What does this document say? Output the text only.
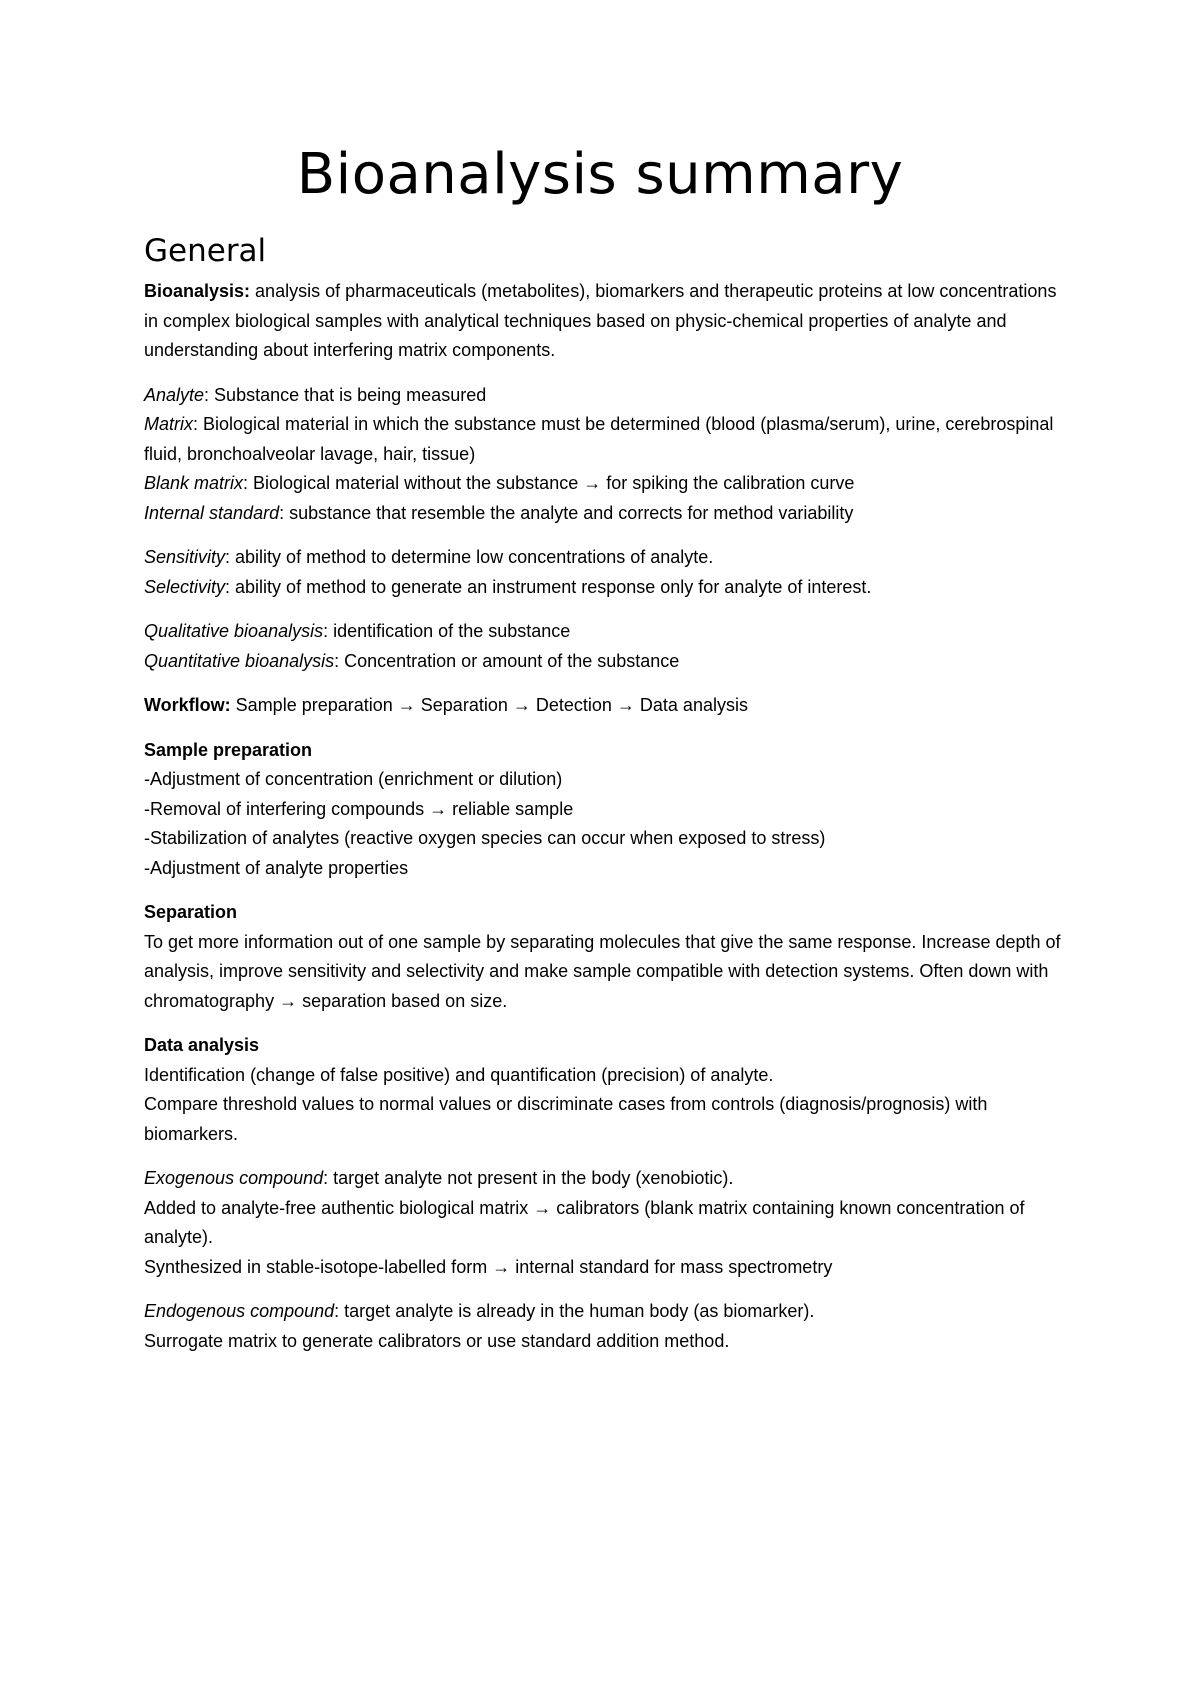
Bioanalysis summary
General

Bioanalysis: analysis of pharmaceuticals (metabolites), biomarkers and therapeutic proteins at low concentrations in complex biological samples with analytical techniques based on physic-chemical properties of analyte and understanding about interfering matrix components.

Analyte: Substance that is being measured
Matrix: Biological material in which the substance must be determined (blood (plasma/serum), urine, cerebrospinal fluid, bronchoalveolar lavage, hair, tissue)
Blank matrix: Biological material without the substance → for spiking the calibration curve
Internal standard: substance that resemble the analyte and corrects for method variability

Sensitivity: ability of method to determine low concentrations of analyte.
Selectivity: ability of method to generate an instrument response only for analyte of interest.

Qualitative bioanalysis: identification of the substance
Quantitative bioanalysis: Concentration or amount of the substance

Workflow: Sample preparation → Separation → Detection → Data analysis

Sample preparation
-Adjustment of concentration (enrichment or dilution)
-Removal of interfering compounds → reliable sample
-Stabilization of analytes (reactive oxygen species can occur when exposed to stress)
-Adjustment of analyte properties

Separation
To get more information out of one sample by separating molecules that give the same response. Increase depth of analysis, improve sensitivity and selectivity and make sample compatible with detection systems. Often down with chromatography → separation based on size.

Data analysis
Identification (change of false positive) and quantification (precision) of analyte.
Compare threshold values to normal values or discriminate cases from controls (diagnosis/prognosis) with biomarkers.

Exogenous compound: target analyte not present in the body (xenobiotic).
Added to analyte-free authentic biological matrix → calibrators (blank matrix containing known concentration of analyte).
Synthesized in stable-isotope-labelled form → internal standard for mass spectrometry

Endogenous compound: target analyte is already in the human body (as biomarker).
Surrogate matrix to generate calibrators or use standard addition method.
